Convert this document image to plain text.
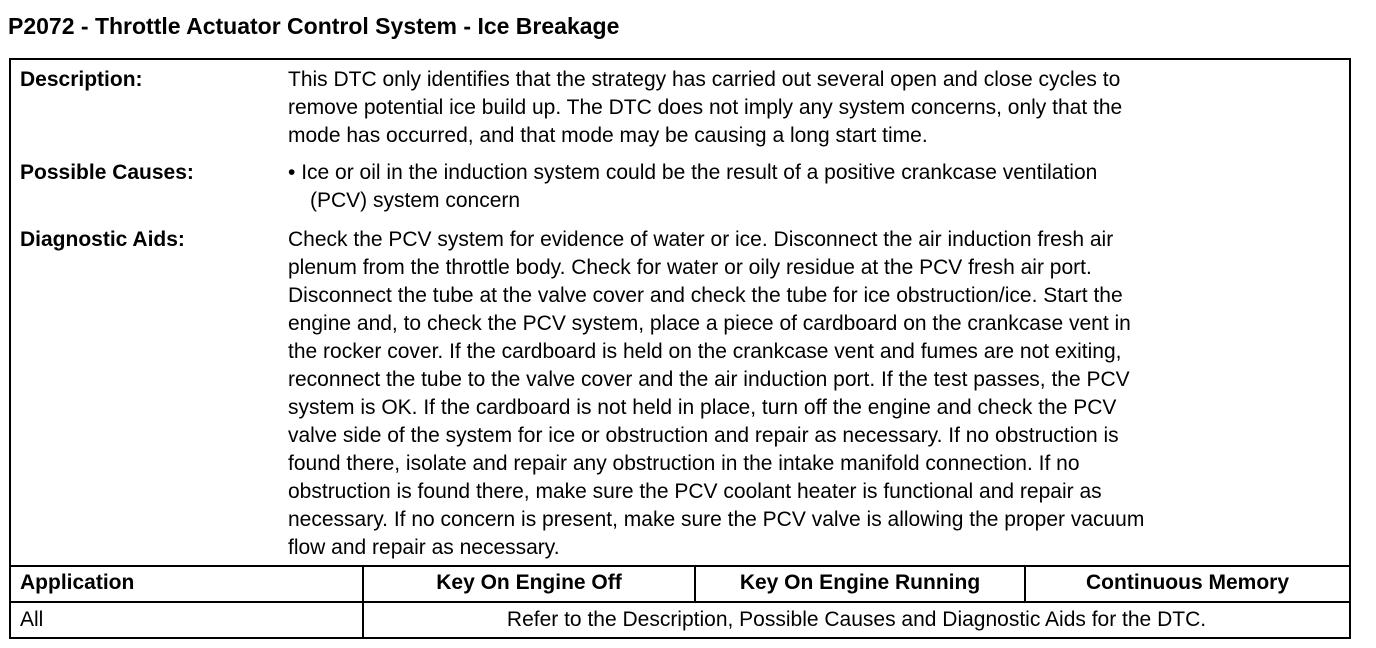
P2072 - Throttle Actuator Control System - Ice Breakage
Description:	This DTC only identifies that the strategy has carried out several open and close cycles to
remove potential ice build up. The DTC does not imply any system concerns, only that the
mode has occurred, and that mode may be causing a long start time.
Possible Causes:	• Ice or oil in the induction system could be the result of a positive crankcase ventilation
(PCV) system concern
Diagnostic Aids:	Check the PCV system for evidence of water or ice. Disconnect the air induction fresh air
plenum from the throttle body. Check for water or oily residue at the PCV fresh air port.
Disconnect the tube at the valve cover and check the tube for ice obstruction/ice. Start the
engine and, to check the PCV system, place a piece of cardboard on the crankcase vent in
the rocker cover. If the cardboard is held on the crankcase vent and fumes are not exiting,
reconnect the tube to the valve cover and the air induction port. If the test passes, the PCV
system is OK. If the cardboard is not held in place, turn off the engine and check the PCV
valve side of the system for ice or obstruction and repair as necessary. If no obstruction is
found there, isolate and repair any obstruction in the intake manifold connection. If no
obstruction is found there, make sure the PCV coolant heater is functional and repair as
necessary. If no concern is present, make sure the PCV valve is allowing the proper vacuum
flow and repair as necessary.
Application	Key On Engine Off	Key On Engine Running	Continuous Memory
All	Refer to the Description, Possible Causes and Diagnostic Aids for the DTC.
